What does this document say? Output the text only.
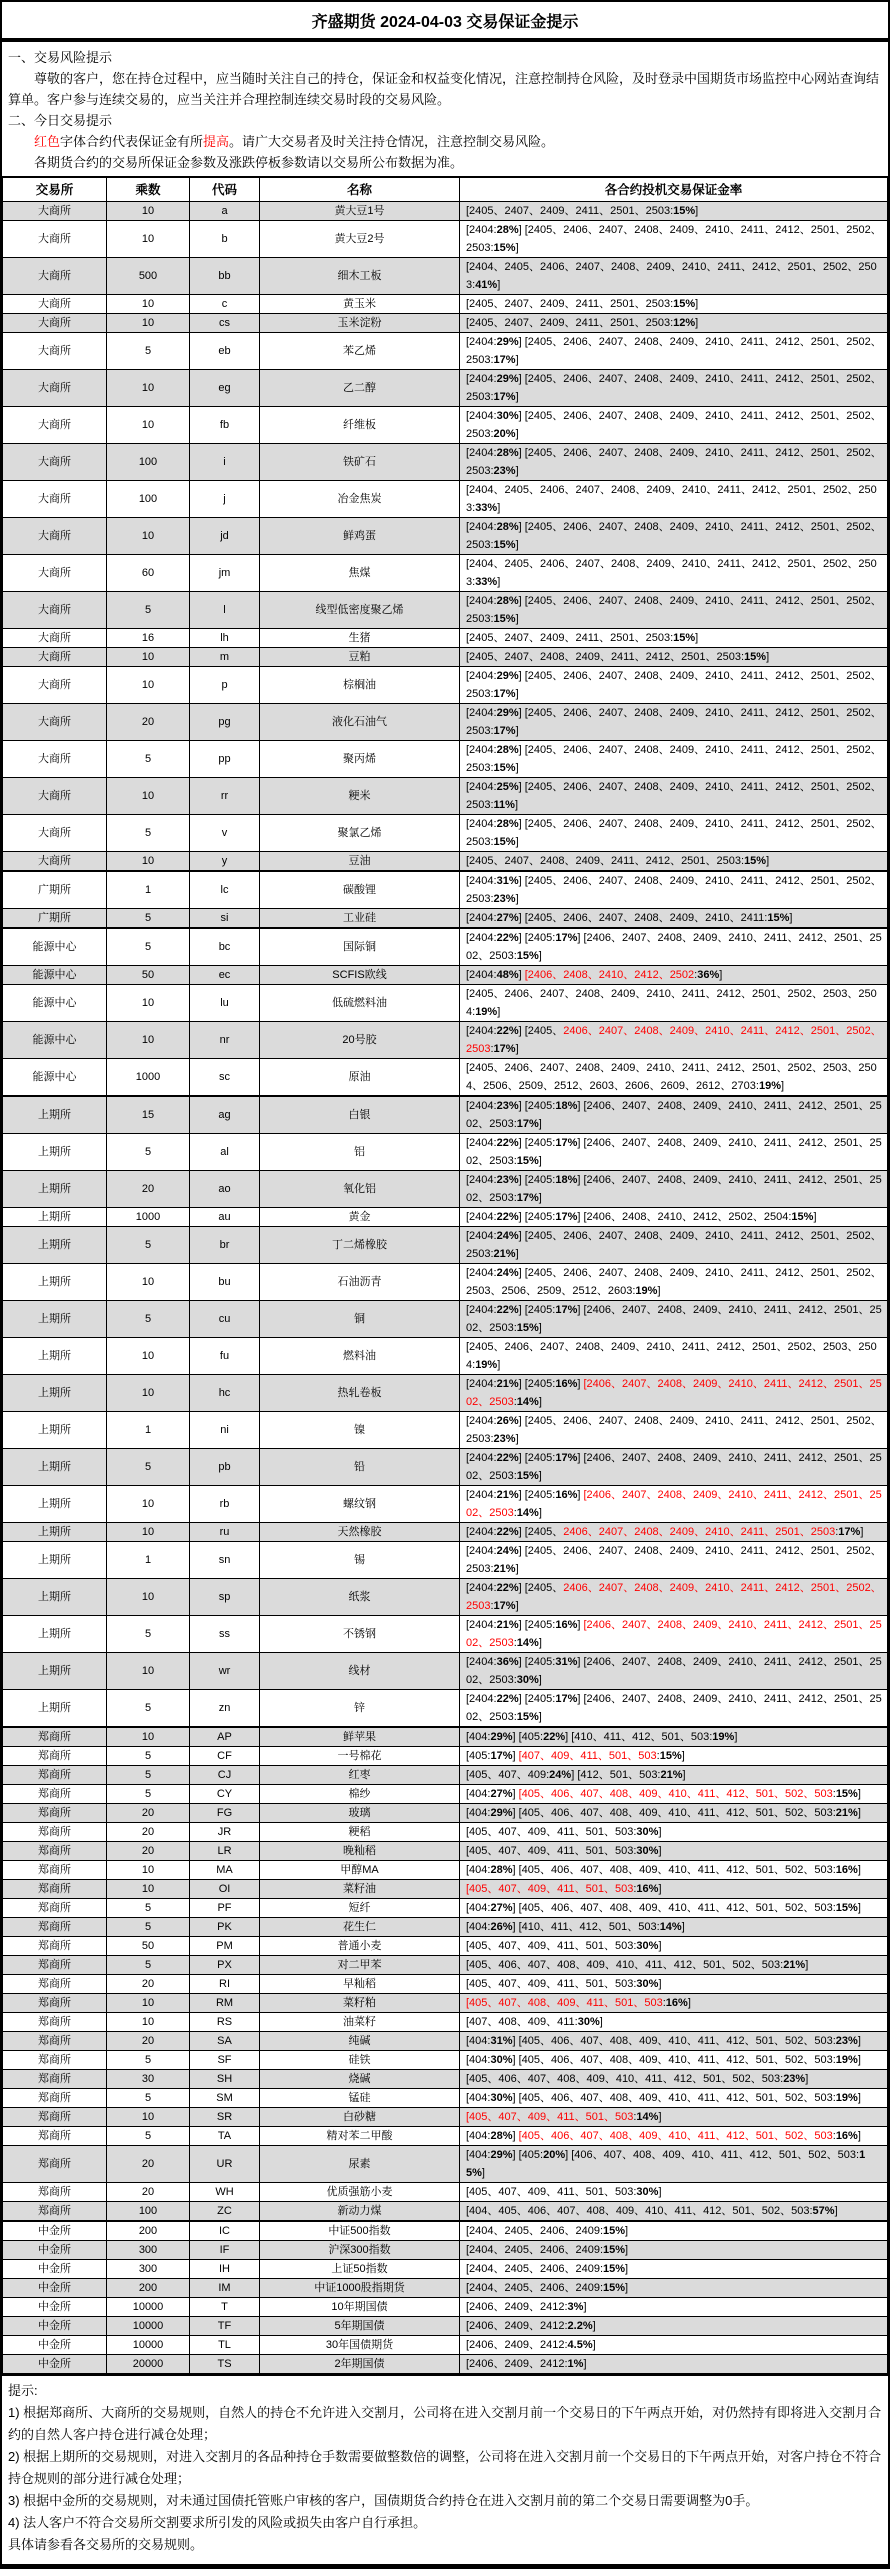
齐盛期货 2024-04-03 交易保证金提示
一、交易风险提示
尊敬的客户，您在持仓过程中，应当随时关注自己的持仓，保证金和权益变化情况，注意控制持仓风险，及时登录中国期货市场监控中心网站查询结算单。客户参与连续交易的，应当关注并合理控制连续交易时段的交易风险。
二、今日交易提示
红色字体合约代表保证金有所提高。请广大交易者及时关注持仓情况，注意控制交易风险。
各期货合约的交易所保证金参数及涨跌停板参数请以交易所公布数据为准。
交易所	乘数	代码	名称	各合约投机交易保证金率
大商所	10	a	黄大豆1号	[2405、2407、2409、2411、2501、2503:15%]
大商所	10	b	黄大豆2号	[2404:28%] [2405、2406、2407、2408、2409、2410、2411、2412、2501、2502、2503:15%]
大商所	500	bb	细木工板	[2404、2405、2406、2407、2408、2409、2410、2411、2412、2501、2502、2503:41%]
大商所	10	c	黄玉米	[2405、2407、2409、2411、2501、2503:15%]
大商所	10	cs	玉米淀粉	[2405、2407、2409、2411、2501、2503:12%]
大商所	5	eb	苯乙烯	[2404:29%] [2405、2406、2407、2408、2409、2410、2411、2412、2501、2502、2503:17%]
大商所	10	eg	乙二醇	[2404:29%] [2405、2406、2407、2408、2409、2410、2411、2412、2501、2502、2503:17%]
大商所	10	fb	纤维板	[2404:30%] [2405、2406、2407、2408、2409、2410、2411、2412、2501、2502、2503:20%]
大商所	100	i	铁矿石	[2404:28%] [2405、2406、2407、2408、2409、2410、2411、2412、2501、2502、2503:23%]
大商所	100	j	冶金焦炭	[2404、2405、2406、2407、2408、2409、2410、2411、2412、2501、2502、2503:33%]
大商所	10	jd	鲜鸡蛋	[2404:28%] [2405、2406、2407、2408、2409、2410、2411、2412、2501、2502、2503:15%]
大商所	60	jm	焦煤	[2404、2405、2406、2407、2408、2409、2410、2411、2412、2501、2502、2503:33%]
大商所	5	l	线型低密度聚乙烯	[2404:28%] [2405、2406、2407、2408、2409、2410、2411、2412、2501、2502、2503:15%]
大商所	16	lh	生猪	[2405、2407、2409、2411、2501、2503:15%]
大商所	10	m	豆粕	[2405、2407、2408、2409、2411、2412、2501、2503:15%]
大商所	10	p	棕榈油	[2404:29%] [2405、2406、2407、2408、2409、2410、2411、2412、2501、2502、2503:17%]
大商所	20	pg	液化石油气	[2404:29%] [2405、2406、2407、2408、2409、2410、2411、2412、2501、2502、2503:17%]
大商所	5	pp	聚丙烯	[2404:28%] [2405、2406、2407、2408、2409、2410、2411、2412、2501、2502、2503:15%]
大商所	10	rr	粳米	[2404:25%] [2405、2406、2407、2408、2409、2410、2411、2412、2501、2502、2503:11%]
大商所	5	v	聚氯乙烯	[2404:28%] [2405、2406、2407、2408、2409、2410、2411、2412、2501、2502、2503:15%]
大商所	10	y	豆油	[2405、2407、2408、2409、2411、2412、2501、2503:15%]
广期所	1	lc	碳酸锂	[2404:31%] [2405、2406、2407、2408、2409、2410、2411、2412、2501、2502、2503:23%]
广期所	5	si	工业硅	[2404:27%] [2405、2406、2407、2408、2409、2410、2411:15%]
能源中心	5	bc	国际铜	[2404:22%] [2405:17%] [2406、2407、2408、2409、2410、2411、2412、2501、2502、2503:15%]
能源中心	50	ec	SCFIS欧线	[2404:48%] [2406、2408、2410、2412、2502:36%]
能源中心	10	lu	低硫燃料油	[2405、2406、2407、2408、2409、2410、2411、2412、2501、2502、2503、2504:19%]
能源中心	10	nr	20号胶	[2404:22%] [2405、2406、2407、2408、2409、2410、2411、2412、2501、2502、2503:17%]
能源中心	1000	sc	原油	[2405、2406、2407、2408、2409、2410、2411、2412、2501、2502、2503、2504、2506、2509、2512、2603、2606、2609、2612、2703:19%]
上期所	15	ag	白银	[2404:23%] [2405:18%] [2406、2407、2408、2409、2410、2411、2412、2501、2502、2503:17%]
上期所	5	al	铝	[2404:22%] [2405:17%] [2406、2407、2408、2409、2410、2411、2412、2501、2502、2503:15%]
上期所	20	ao	氧化铝	[2404:23%] [2405:18%] [2406、2407、2408、2409、2410、2411、2412、2501、2502、2503:17%]
上期所	1000	au	黄金	[2404:22%] [2405:17%] [2406、2408、2410、2412、2502、2504:15%]
上期所	5	br	丁二烯橡胶	[2404:24%] [2405、2406、2407、2408、2409、2410、2411、2412、2501、2502、2503:21%]
上期所	10	bu	石油沥青	[2404:24%] [2405、2406、2407、2408、2409、2410、2411、2412、2501、2502、2503、2506、2509、2512、2603:19%]
上期所	5	cu	铜	[2404:22%] [2405:17%] [2406、2407、2408、2409、2410、2411、2412、2501、2502、2503:15%]
上期所	10	fu	燃料油	[2405、2406、2407、2408、2409、2410、2411、2412、2501、2502、2503、2504:19%]
上期所	10	hc	热轧卷板	[2404:21%] [2405:16%] [2406、2407、2408、2409、2410、2411、2412、2501、2502、2503:14%]
上期所	1	ni	镍	[2404:26%] [2405、2406、2407、2408、2409、2410、2411、2412、2501、2502、2503:23%]
上期所	5	pb	铅	[2404:22%] [2405:17%] [2406、2407、2408、2409、2410、2411、2412、2501、2502、2503:15%]
上期所	10	rb	螺纹钢	[2404:21%] [2405:16%] [2406、2407、2408、2409、2410、2411、2412、2501、2502、2503:14%]
上期所	10	ru	天然橡胶	[2404:22%] [2405、2406、2407、2408、2409、2410、2411、2501、2503:17%]
上期所	1	sn	锡	[2404:24%] [2405、2406、2407、2408、2409、2410、2411、2412、2501、2502、2503:21%]
上期所	10	sp	纸浆	[2404:22%] [2405、2406、2407、2408、2409、2410、2411、2412、2501、2502、2503:17%]
上期所	5	ss	不锈钢	[2404:21%] [2405:16%] [2406、2407、2408、2409、2410、2411、2412、2501、2502、2503:14%]
上期所	10	wr	线材	[2404:36%] [2405:31%] [2406、2407、2408、2409、2410、2411、2412、2501、2502、2503:30%]
上期所	5	zn	锌	[2404:22%] [2405:17%] [2406、2407、2408、2409、2410、2411、2412、2501、2502、2503:15%]
郑商所	10	AP	鲜苹果	[404:29%] [405:22%] [410、411、412、501、503:19%]
郑商所	5	CF	一号棉花	[405:17%] [407、409、411、501、503:15%]
郑商所	5	CJ	红枣	[405、407、409:24%] [412、501、503:21%]
郑商所	5	CY	棉纱	[404:27%] [405、406、407、408、409、410、411、412、501、502、503:15%]
郑商所	20	FG	玻璃	[404:29%] [405、406、407、408、409、410、411、412、501、502、503:21%]
郑商所	20	JR	粳稻	[405、407、409、411、501、503:30%]
郑商所	20	LR	晚籼稻	[405、407、409、411、501、503:30%]
郑商所	10	MA	甲醇MA	[404:28%] [405、406、407、408、409、410、411、412、501、502、503:16%]
郑商所	10	OI	菜籽油	[405、407、409、411、501、503:16%]
郑商所	5	PF	短纤	[404:27%] [405、406、407、408、409、410、411、412、501、502、503:15%]
郑商所	5	PK	花生仁	[404:26%] [410、411、412、501、503:14%]
郑商所	50	PM	普通小麦	[405、407、409、411、501、503:30%]
郑商所	5	PX	对二甲苯	[405、406、407、408、409、410、411、412、501、502、503:21%]
郑商所	20	RI	早籼稻	[405、407、409、411、501、503:30%]
郑商所	10	RM	菜籽粕	[405、407、408、409、411、501、503:16%]
郑商所	10	RS	油菜籽	[407、408、409、411:30%]
郑商所	20	SA	纯碱	[404:31%] [405、406、407、408、409、410、411、412、501、502、503:23%]
郑商所	5	SF	硅铁	[404:30%] [405、406、407、408、409、410、411、412、501、502、503:19%]
郑商所	30	SH	烧碱	[405、406、407、408、409、410、411、412、501、502、503:23%]
郑商所	5	SM	锰硅	[404:30%] [405、406、407、408、409、410、411、412、501、502、503:19%]
郑商所	10	SR	白砂糖	[405、407、409、411、501、503:14%]
郑商所	5	TA	精对苯二甲酸	[404:28%] [405、406、407、408、409、410、411、412、501、502、503:16%]
郑商所	20	UR	尿素	[404:29%] [405:20%] [406、407、408、409、410、411、412、501、502、503:15%]
郑商所	20	WH	优质强筋小麦	[405、407、409、411、501、503:30%]
郑商所	100	ZC	新动力煤	[404、405、406、407、408、409、410、411、412、501、502、503:57%]
中金所	200	IC	中证500指数	[2404、2405、2406、2409:15%]
中金所	300	IF	沪深300指数	[2404、2405、2406、2409:15%]
中金所	300	IH	上证50指数	[2404、2405、2406、2409:15%]
中金所	200	IM	中证1000股指期货	[2404、2405、2406、2409:15%]
中金所	10000	T	10年期国债	[2406、2409、2412:3%]
中金所	10000	TF	5年期国债	[2406、2409、2412:2.2%]
中金所	10000	TL	30年国债期货	[2406、2409、2412:4.5%]
中金所	20000	TS	2年期国债	[2406、2409、2412:1%]
提示:
1) 根据郑商所、大商所的交易规则，自然人的持仓不允许进入交割月，公司将在进入交割月前一个交易日的下午两点开始，对仍然持有即将进入交割月合约的自然人客户持仓进行减仓处理；
2) 根据上期所的交易规则，对进入交割月的各品种持仓手数需要做整数倍的调整，公司将在进入交割月前一个交易日的下午两点开始，对客户持仓不符合持仓规则的部分进行减仓处理；
3) 根据中金所的交易规则，对未通过国债托管账户审核的客户，国债期货合约持仓在进入交割月前的第二个交易日需要调整为0手。
4) 法人客户不符合交易所交割要求所引发的风险或损失由客户自行承担。
具体请参看各交易所的交易规则。
